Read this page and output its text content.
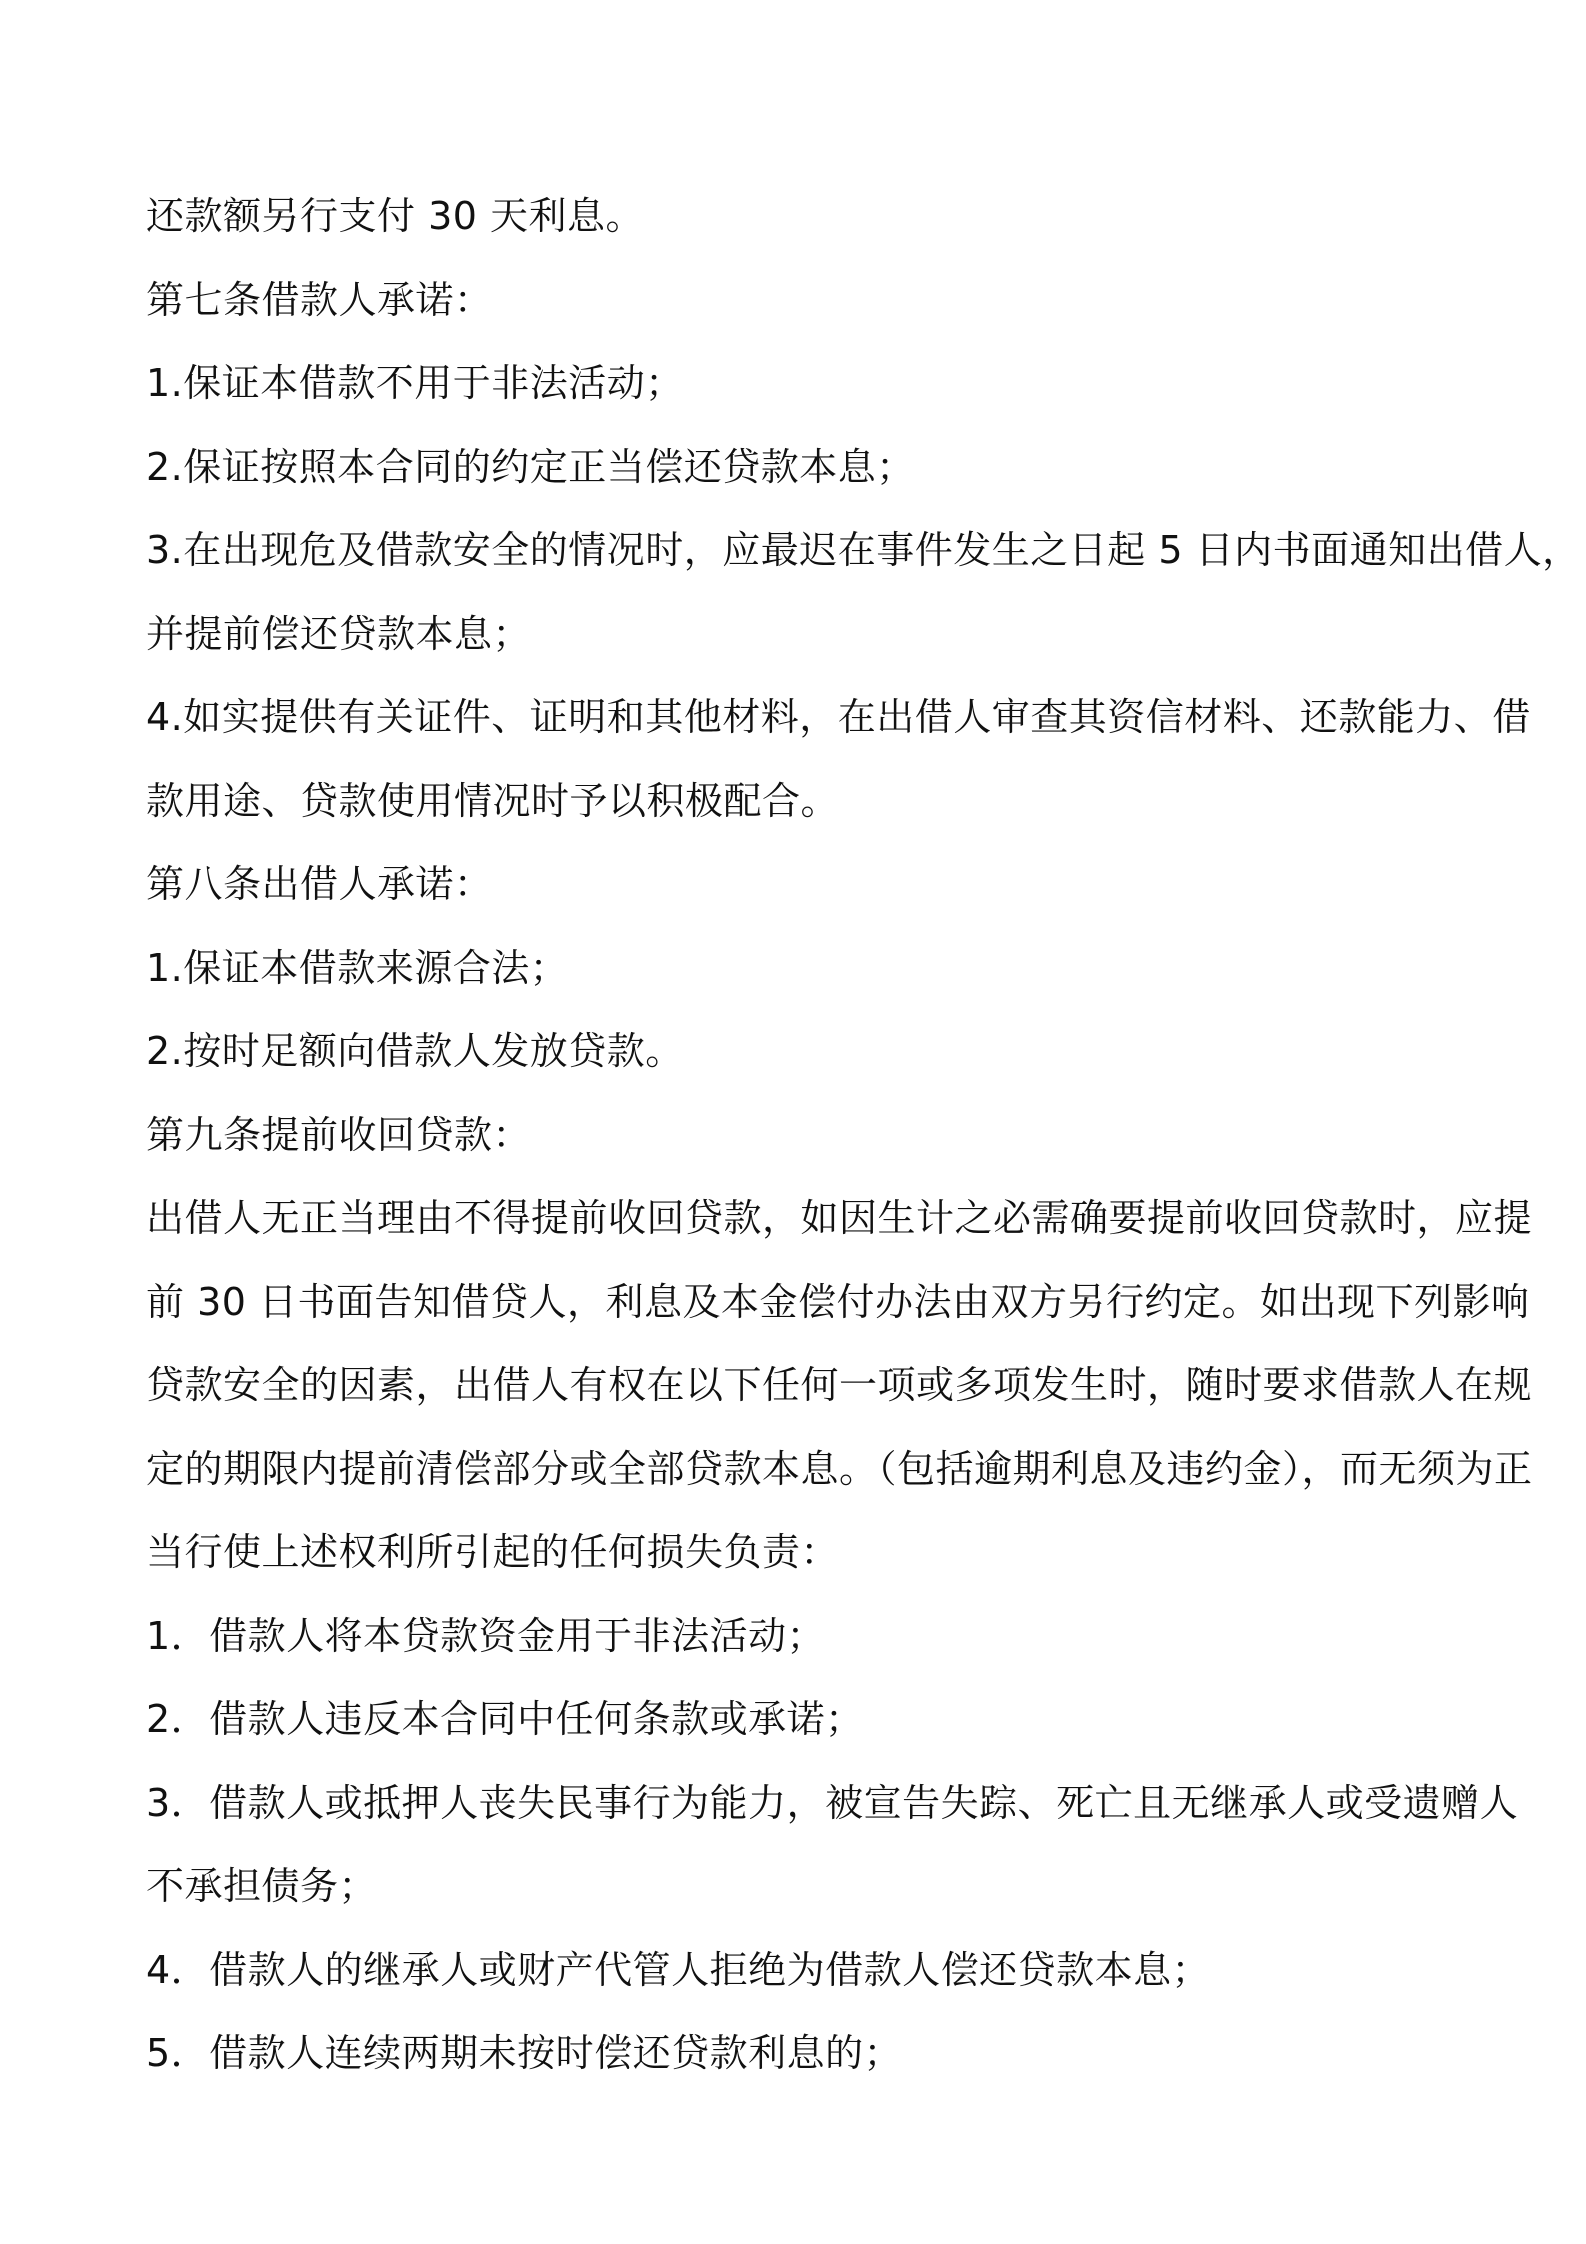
还款额另行支付 30 天利息。
第七条借款人承诺：
1.保证本借款不用于非法活动；
2.保证按照本合同的约定正当偿还贷款本息；
3.在出现危及借款安全的情况时，应最迟在事件发生之日起 5 日内书面通知出借人，
并提前偿还贷款本息；
4.如实提供有关证件、证明和其他材料，在出借人审查其资信材料、还款能力、借
款用途、贷款使用情况时予以积极配合。
第八条出借人承诺：
1.保证本借款来源合法；
2.按时足额向借款人发放贷款。
第九条提前收回贷款：
出借人无正当理由不得提前收回贷款，如因生计之必需确要提前收回贷款时，应提
前 30 日书面告知借贷人，利息及本金偿付办法由双方另行约定。如出现下列影响
贷款安全的因素，出借人有权在以下任何一项或多项发生时，随时要求借款人在规
定的期限内提前清偿部分或全部贷款本息。（包括逾期利息及违约金），而无须为正
当行使上述权利所引起的任何损失负责：
1．借款人将本贷款资金用于非法活动；
2．借款人违反本合同中任何条款或承诺；
3．借款人或抵押人丧失民事行为能力，被宣告失踪、死亡且无继承人或受遗赠人
不承担债务；
4．借款人的继承人或财产代管人拒绝为借款人偿还贷款本息；
5．借款人连续两期未按时偿还贷款利息的；
